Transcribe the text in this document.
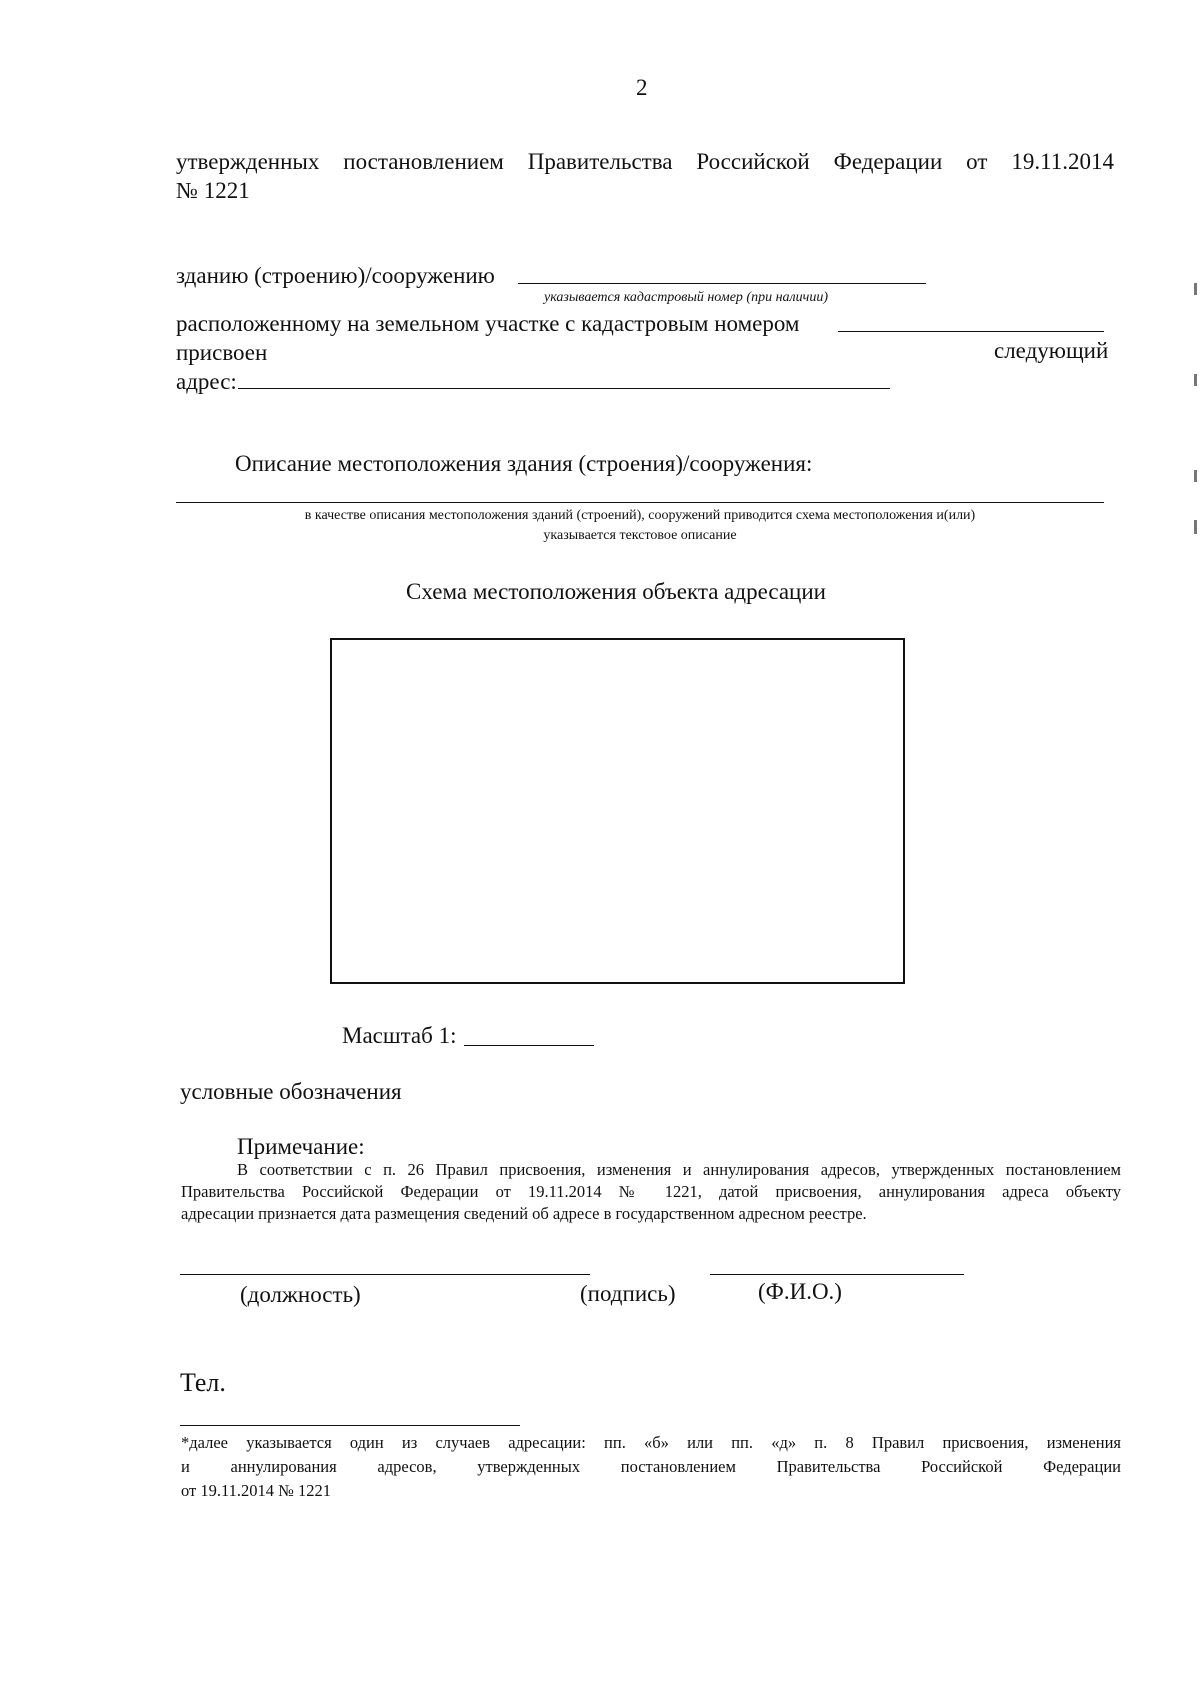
2
утвержденных постановлением Правительства Российской Федерации от 19.11.2014
№ 1221
зданию (строению)/сооружению
указывается кадастровый номер (при наличии)
расположенному на земельном участке с кадастровым номером
присвоен	следующий
адрес:
Описание местоположения здания (строения)/сооружения:
в качестве описания местоположения зданий (строений), сооружений приводится схема местоположения и(или)
указывается текстовое описание
Схема местоположения объекта адресации
Масштаб 1:
условные обозначения
Примечание:
В соответствии с п. 26 Правил присвоения, изменения и аннулирования адресов, утвержденных постановлением
Правительства Российской Федерации от 19.11.2014 № 1221, датой присвоения, аннулирования адреса объекту
адресации признается дата размещения сведений об адресе в государственном адресном реестре.
(должность)	(подпись)	(Ф.И.О.)
Тел.
*далее указывается один из случаев адресации: пп. «б» или пп. «д» п. 8 Правил присвоения, изменения
и аннулирования адресов, утвержденных постановлением Правительства Российской Федерации
от 19.11.2014 № 1221
